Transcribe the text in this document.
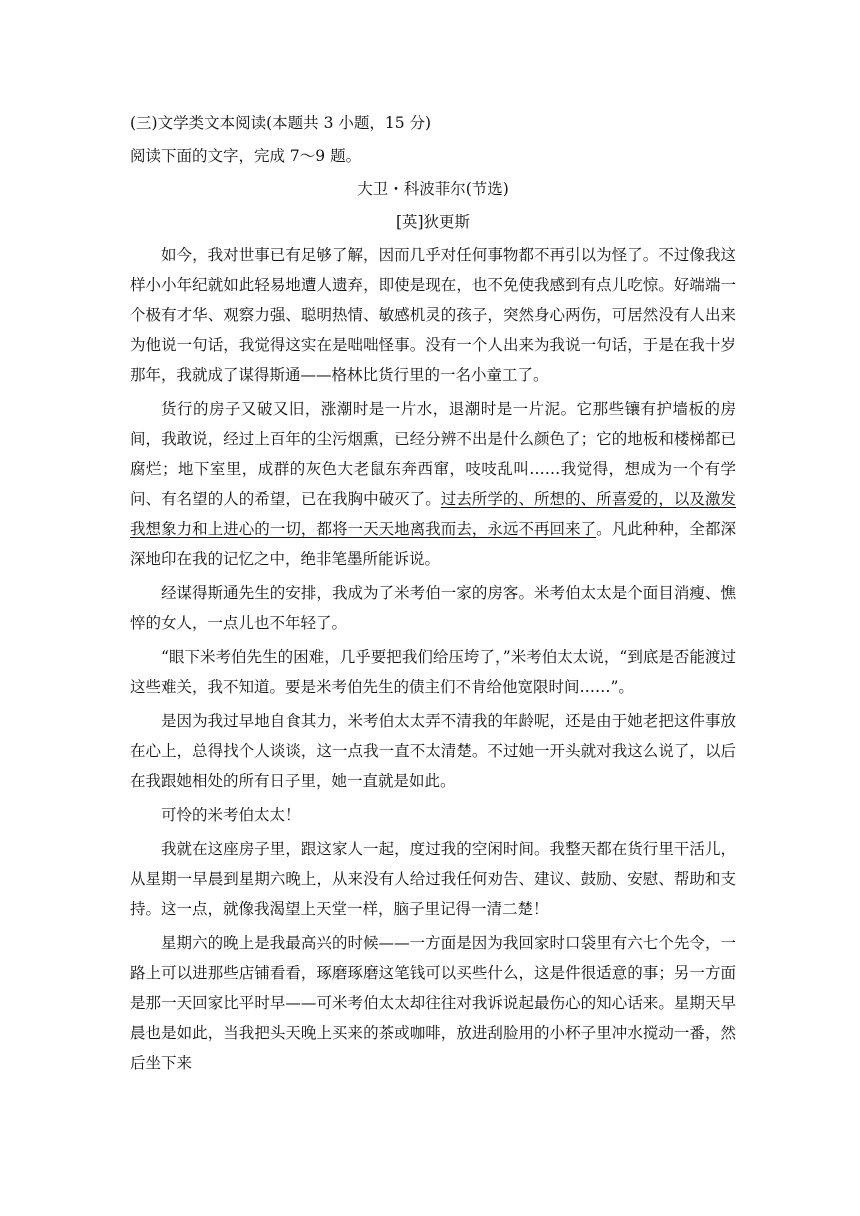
(三)文学类文本阅读(本题共 3 小题，15 分)

阅读下面的文字，完成 7～9 题。

大卫・科波菲尔(节选)

[英]狄更斯

如今，我对世事已有足够了解，因而几乎对任何事物都不再引以为怪了。不过像我这样小小年纪就如此轻易地遭人遗弃，即使是现在，也不免使我感到有点儿吃惊。好端端一个极有才华、观察力强、聪明热情、敏感机灵的孩子，突然身心两伤，可居然没有人出来为他说一句话，我觉得这实在是咄咄怪事。没有一个人出来为我说一句话，于是在我十岁那年，我就成了谋得斯通——格林比货行里的一名小童工了。

货行的房子又破又旧，涨潮时是一片水，退潮时是一片泥。它那些镶有护墙板的房间，我敢说，经过上百年的尘污烟熏，已经分辨不出是什么颜色了；它的地板和楼梯都已腐烂；地下室里，成群的灰色大老鼠东奔西窜，吱吱乱叫……我觉得，想成为一个有学问、有名望的人的希望，已在我胸中破灭了。过去所学的、所想的、所喜爱的，以及激发我想象力和上进心的一切，都将一天天地离我而去，永远不再回来了。凡此种种，全都深深地印在我的记忆之中，绝非笔墨所能诉说。

经谋得斯通先生的安排，我成为了米考伯一家的房客。米考伯太太是个面目消瘦、憔悴的女人，一点儿也不年轻了。

“眼下米考伯先生的困难，几乎要把我们给压垮了，”米考伯太太说，“到底是否能渡过这些难关，我不知道。要是米考伯先生的债主们不肯给他宽限时间……”。

是因为我过早地自食其力，米考伯太太弄不清我的年龄呢，还是由于她老把这件事放在心上，总得找个人谈谈，这一点我一直不太清楚。不过她一开头就对我这么说了，以后在我跟她相处的所有日子里，她一直就是如此。

可怜的米考伯太太！

我就在这座房子里，跟这家人一起，度过我的空闲时间。我整天都在货行里干活儿，从星期一早晨到星期六晚上，从来没有人给过我任何劝告、建议、鼓励、安慰、帮助和支持。这一点，就像我渴望上天堂一样，脑子里记得一清二楚！

星期六的晚上是我最高兴的时候——一方面是因为我回家时口袋里有六七个先令，一路上可以进那些店铺看看，琢磨琢磨这笔钱可以买些什么，这是件很适意的事；另一方面是那一天回家比平时早——可米考伯太太却往往对我诉说起最伤心的知心话来。星期天早晨也是如此，当我把头天晚上买来的茶或咖啡，放进刮脸用的小杯子里冲水搅动一番，然后坐下来
